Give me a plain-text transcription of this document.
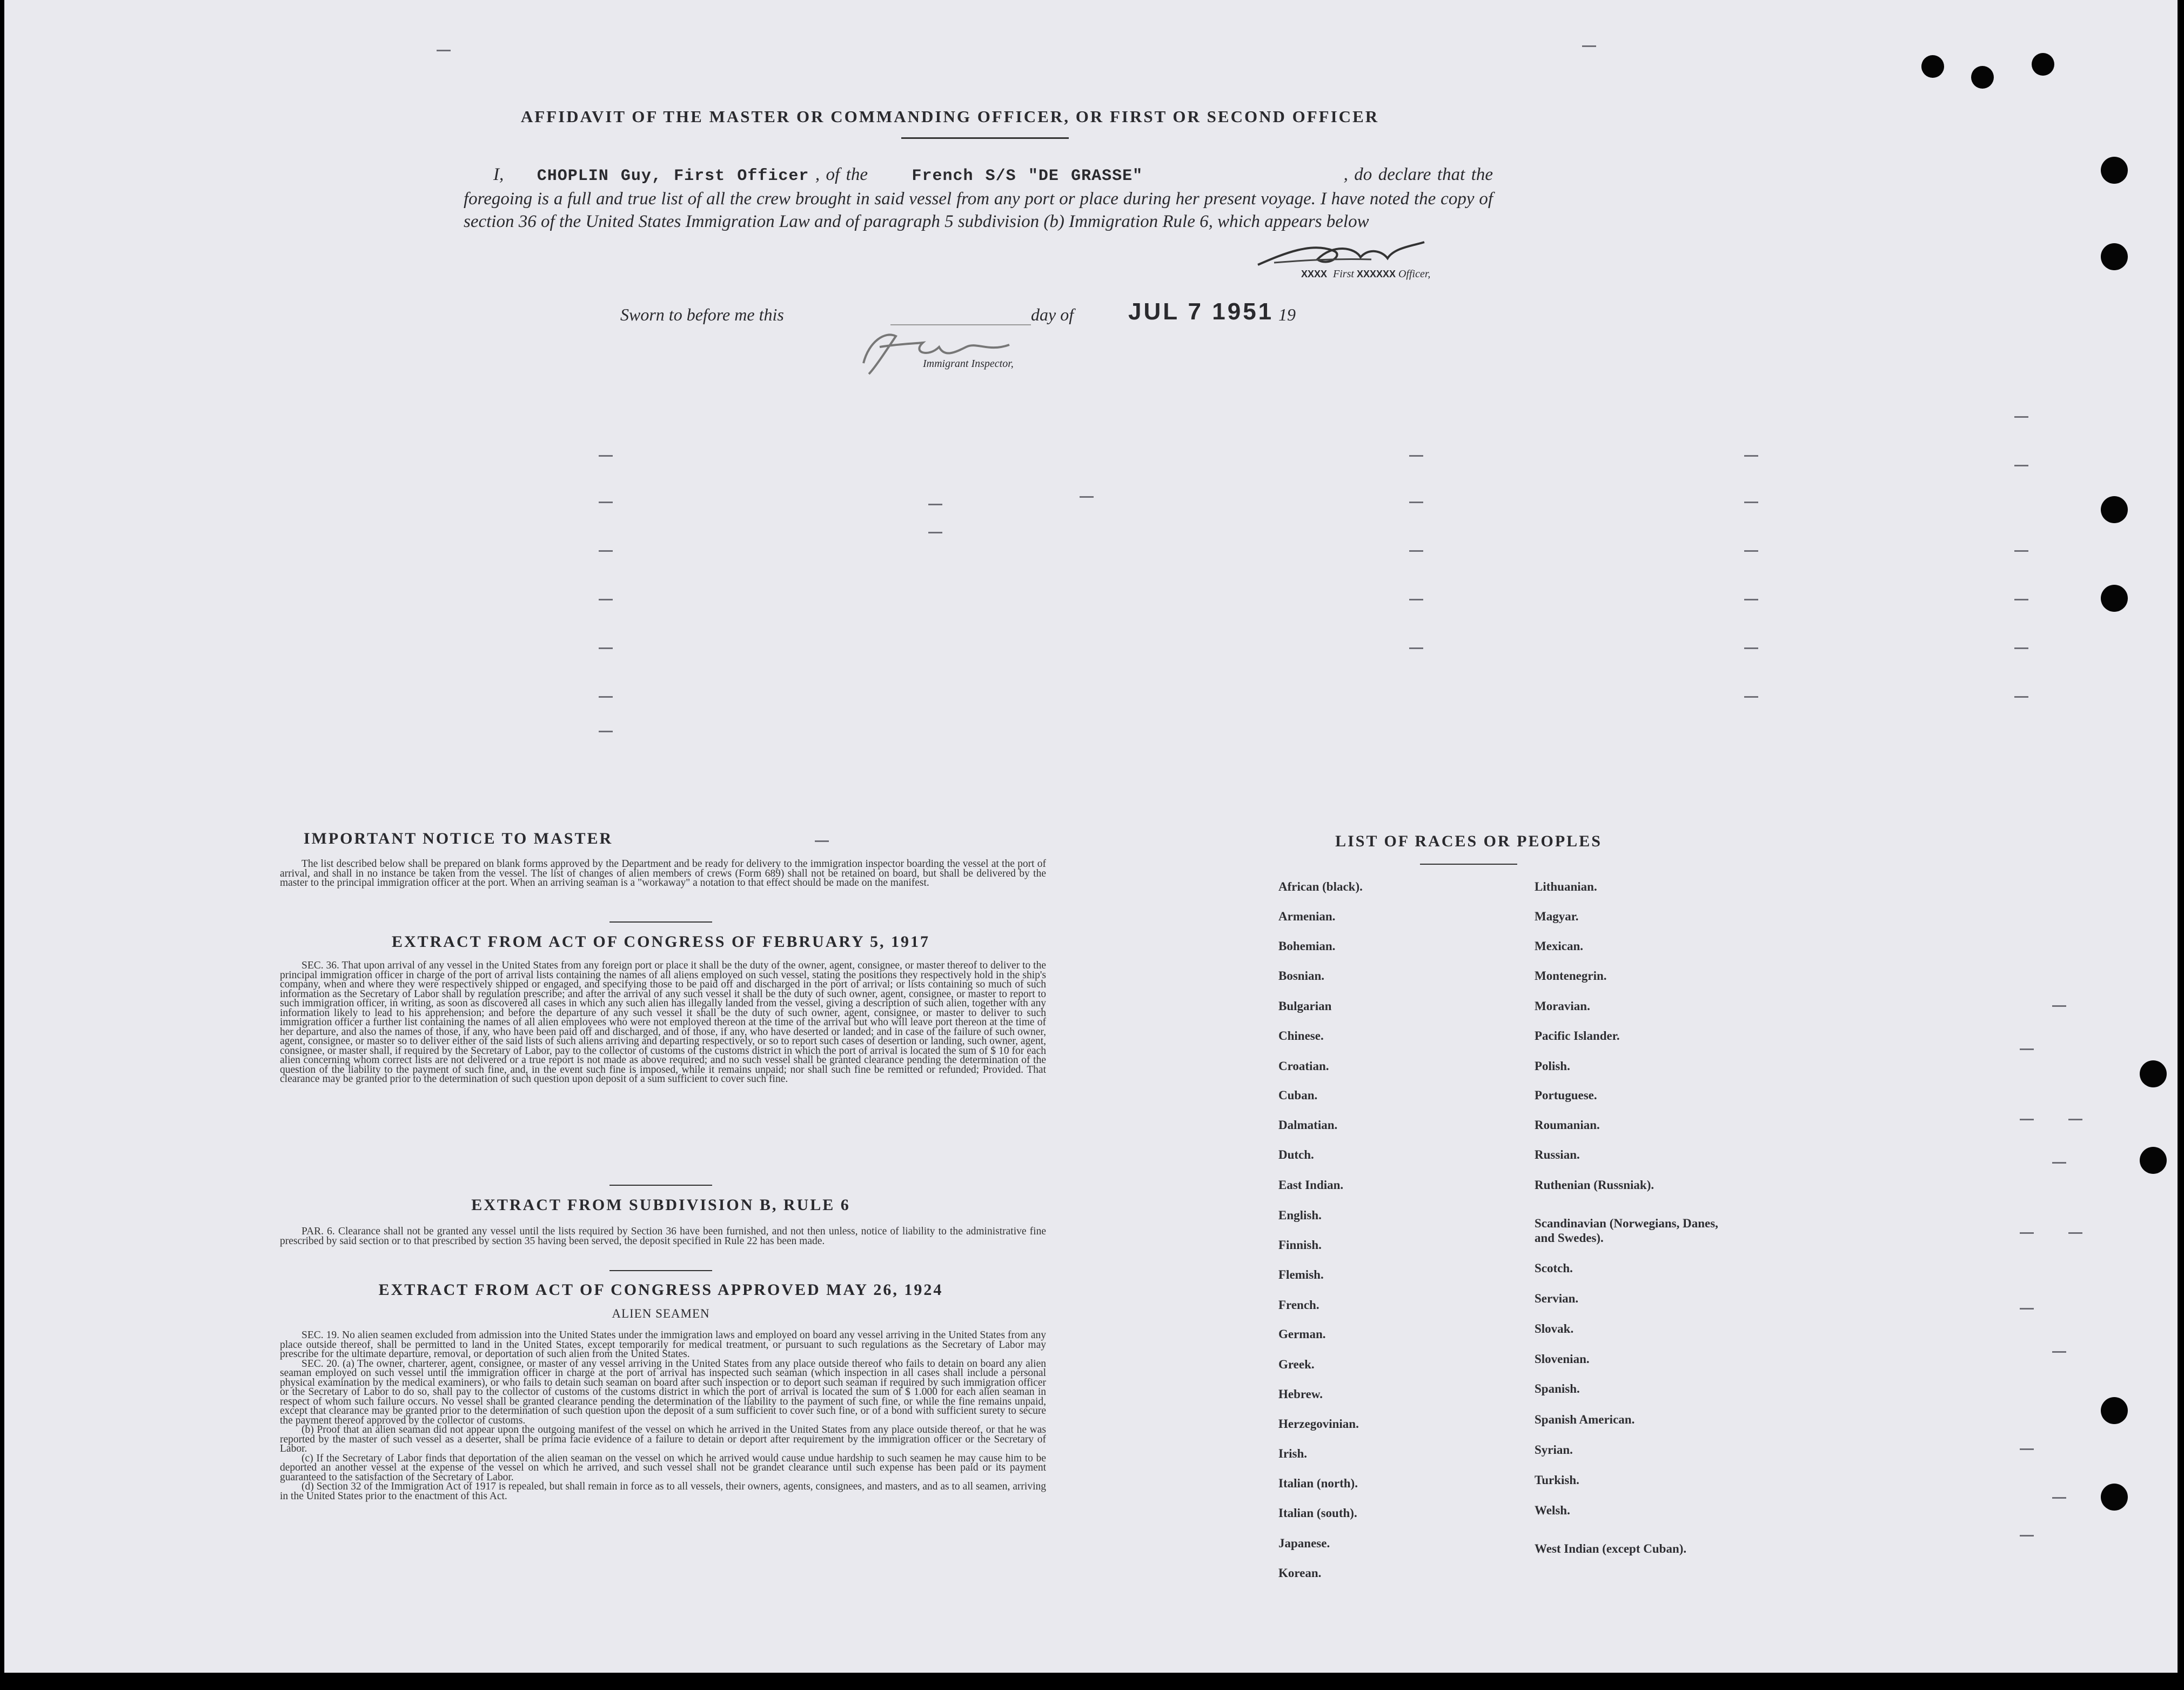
AFFIDAVIT OF THE MASTER OR COMMANDING OFFICER, OR FIRST OR SECOND OFFICER
I, CHOPLIN Guy, First Officer , of the	French S/S "DE GRASSE"	, do declare that the foregoing is a full and true list of all the crew brought in said vessel from any port or place during her present voyage. I have noted the copy of section 36 of the United States Immigration Law and of paragraph 5 subdivision (b) Immigration Rule 6, which appears below
XXXX First XXXXXX Officer,
Sworn to before me this	day of JUL 7 1951 19
Immigrant Inspector,
IMPORTANT NOTICE TO MASTER

The list described below shall be prepared on blank forms approved by the Department and be ready for delivery to the immigration inspector boarding the vessel at the port of arrival, and shall in no instance be taken from the vessel. The list of changes of alien members of crews (Form 689) shall not be retained on board, but shall be delivered by the master to the principal immigration officer at the port. When an arriving seaman is a "workaway" a notation to that effect should be made on the manifest.

EXTRACT FROM ACT OF CONGRESS OF FEBRUARY 5, 1917

SEC. 36. That upon arrival of any vessel in the United States from any foreign port or place it shall be the duty of the owner, agent, consignee, or master thereof to deliver to the principal immigration officer in charge of the port of arrival lists containing the names of all aliens employed on such vessel, stating the positions they respectively hold in the ship's company, when and where they were respectively shipped or engaged, and specifying those to be paid off and discharged in the port of arrival; or lists containing so much of such information as the Secretary of Labor shall by regulation prescribe; and after the arrival of any such vessel it shall be the duty of such owner, agent, consignee, or master to report to such immigration officer, in writing, as soon as discovered all cases in which any such alien has illegally landed from the vessel, giving a description of such alien, together with any information likely to lead to his apprehension; and before the departure of any such vessel it shall be the duty of such owner, agent, consignee, or master to deliver to such immigration officer a further list containing the names of all alien employees who were not employed thereon at the time of the arrival but who will leave port thereon at the time of her departure, and also the names of those, if any, who have been paid off and discharged, and of those, if any, who have deserted or landed; and in case of the failure of such owner, agent, consignee, or master so to deliver either of the said lists of such aliens arriving and departing respectively, or so to report such cases of desertion or landing, such owner, agent, consignee, or master shall, if required by the Secretary of Labor, pay to the collector of customs of the customs district in which the port of arrival is located the sum of $ 10 for each alien concerning whom correct lists are not delivered or a true report is not made as above required; and no such vessel shall be granted clearance pending the determination of the question of the liability to the payment of such fine, and, in the event such fine is imposed, while it remains unpaid; nor shall such fine be remitted or refunded; Provided. That clearance may be granted prior to the determination of such question upon deposit of a sum sufficient to cover such fine.

EXTRACT FROM SUBDIVISION B, RULE 6

PAR. 6. Clearance shall not be granted any vessel until the lists required by Section 36 have been furnished, and not then unless, notice of liability to the administrative fine prescribed by said section or to that prescribed by section 35 having been served, the deposit specified in Rule 22 has been made.

EXTRACT FROM ACT OF CONGRESS APPROVED MAY 26, 1924
ALIEN SEAMEN

SEC. 19. No alien seamen excluded from admission into the United States under the immigration laws and employed on board any vessel arriving in the United States from any place outside thereof, shall be permitted to land in the United States, except temporarily for medical treatment, or pursuant to such regulations as the Secretary of Labor may prescribe for the ultimate departure, removal, or deportation of such alien from the United States.

SEC. 20. (a) The owner, charterer, agent, consignee, or master of any vessel arriving in the United States from any place outside thereof who fails to detain on board any alien seaman employed on such vessel until the immigration officer in charge at the port of arrival has inspected such seaman (which inspection in all cases shall include a personal physical examination by the medical examiners), or who fails to detain such seaman on board after such inspection or to deport such seaman if required by such immigration officer or the Secretary of Labor to do so, shall pay to the collector of customs of the customs district in which the port of arrival is located the sum of $ 1.000 for each alien seaman in respect of whom such failure occurs. No vessel shall be granted clearance pending the determination of the liability to the payment of such fine, or while the fine remains unpaid, except that clearance may be granted prior to the determination of such question upon the deposit of a sum sufficient to cover such fine, or of a bond with sufficient surety to secure the payment thereof approved by the collector of customs.

(b) Proof that an alien seaman did not appear upon the outgoing manifest of the vessel on which he arrived in the United States from any place outside thereof, or that he was reported by the master of such vessel as a deserter, shall be prima facie evidence of a failure to detain or deport after requirement by the immigration officer or the Secretary of Labor.

(c) If the Secretary of Labor finds that deportation of the alien seaman on the vessel on which he arrived would cause undue hardship to such seamen he may cause him to be deported an another vessel at the expense of the vessel on which he arrived, and such vessel shall not be grandet clearance until such expense has been paid or its payment guaranteed to the satisfaction of the Secretary of Labor.

(d) Section 32 of the Immigration Act of 1917 is repealed, but shall remain in force as to all vessels, their owners, agents, consignees, and masters, and as to all seamen, arriving in the United States prior to the enactment of this Act.

LIST OF RACES OR PEOPLES
African (black).
Armenian.
Bohemian.
Bosnian.
Bulgarian
Chinese.
Croatian.
Cuban.
Dalmatian.
Dutch.
East Indian.
English.
Finnish.
Flemish.
French.
German.
Greek.
Hebrew.
Herzegovinian.
Irish.
Italian (north).
Italian (south).
Japanese.
Korean.
Lithuanian.
Magyar.
Mexican.
Montenegrin.
Moravian.
Pacific Islander.
Polish.
Portuguese.
Roumanian.
Russian.
Ruthenian (Russniak).
Scandinavian (Norwegians, Danes, and Swedes).
Scotch.
Servian.
Slovak.
Slovenian.
Spanish.
Spanish American.
Syrian.
Turkish.
Welsh.
West Indian (except Cuban).
